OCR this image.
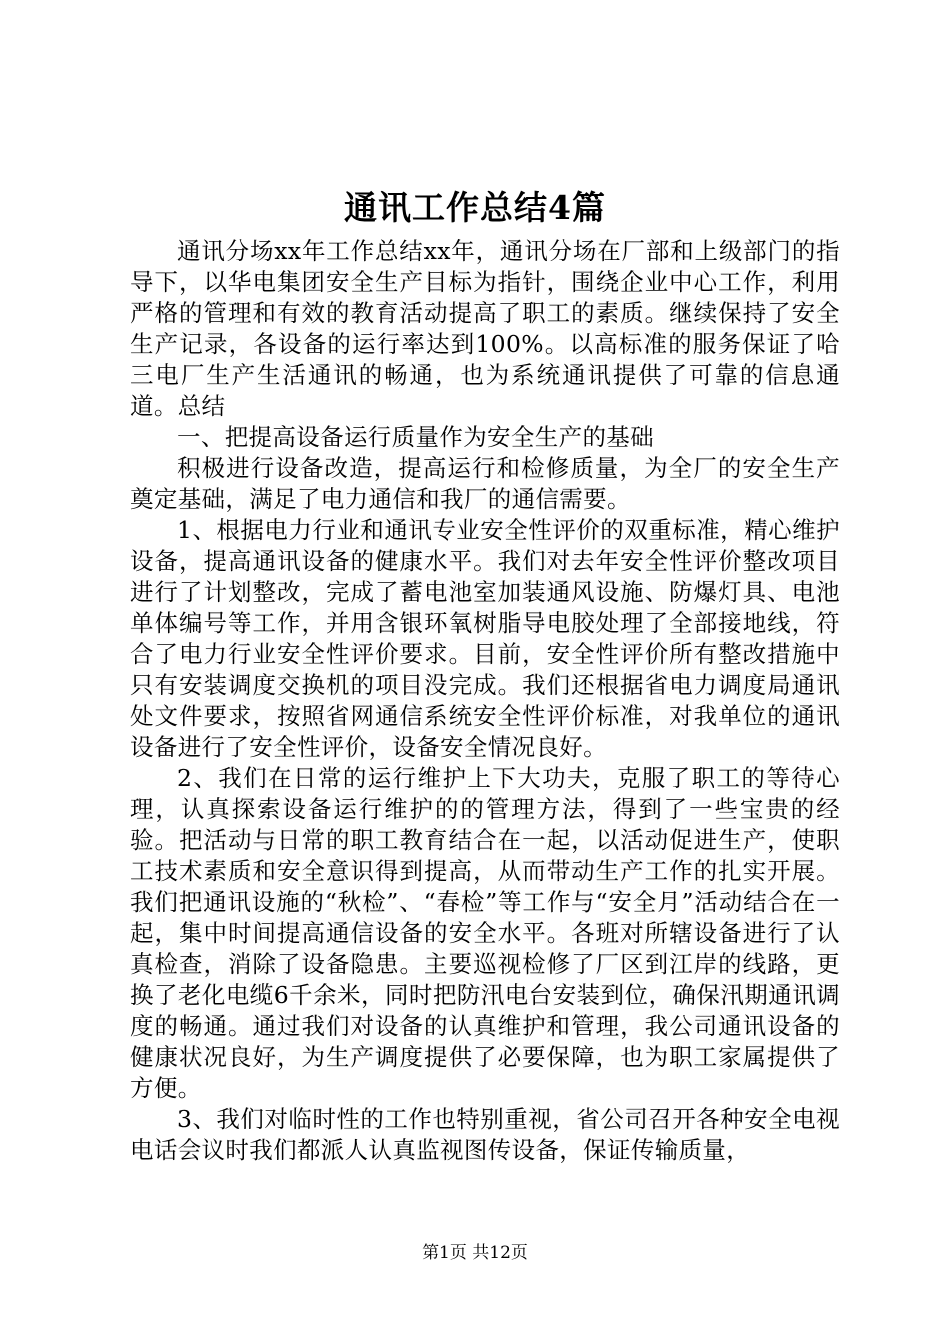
通讯工作总结4篇

通讯分场xx年工作总结xx年，通讯分场在厂部和上级部门的指导下，以华电集团安全生产目标为指针，围绕企业中心工作，利用严格的管理和有效的教育活动提高了职工的素质。继续保持了安全生产记录，各设备的运行率达到100%。以高标准的服务保证了哈三电厂生产生活通讯的畅通，也为系统通讯提供了可靠的信息通道。总结

一、把提高设备运行质量作为安全生产的基础

积极进行设备改造，提高运行和检修质量，为全厂的安全生产奠定基础，满足了电力通信和我厂的通信需要。

1、根据电力行业和通讯专业安全性评价的双重标准，精心维护设备，提高通讯设备的健康水平。我们对去年安全性评价整改项目进行了计划整改，完成了蓄电池室加装通风设施、防爆灯具、电池单体编号等工作，并用含银环氧树脂导电胶处理了全部接地线，符合了电力行业安全性评价要求。目前，安全性评价所有整改措施中只有安装调度交换机的项目没完成。我们还根据省电力调度局通讯处文件要求，按照省网通信系统安全性评价标准，对我单位的通讯设备进行了安全性评价，设备安全情况良好。

2、我们在日常的运行维护上下大功夫，克服了职工的等待心理，认真探索设备运行维护的的管理方法，得到了一些宝贵的经验。把活动与日常的职工教育结合在一起，以活动促进生产，使职工技术素质和安全意识得到提高，从而带动生产工作的扎实开展。我们把通讯设施的“秋检”、“春检”等工作与“安全月”活动结合在一起，集中时间提高通信设备的安全水平。各班对所辖设备进行了认真检查，消除了设备隐患。主要巡视检修了厂区到江岸的线路，更换了老化电缆6千余米，同时把防汛电台安装到位，确保汛期通讯调度的畅通。通过我们对设备的认真维护和管理，我公司通讯设备的健康状况良好，为生产调度提供了必要保障，也为职工家属提供了方便。

3、我们对临时性的工作也特别重视，省公司召开各种安全电视电话会议时我们都派人认真监视图传设备，保证传输质量，

第1页 共12页
